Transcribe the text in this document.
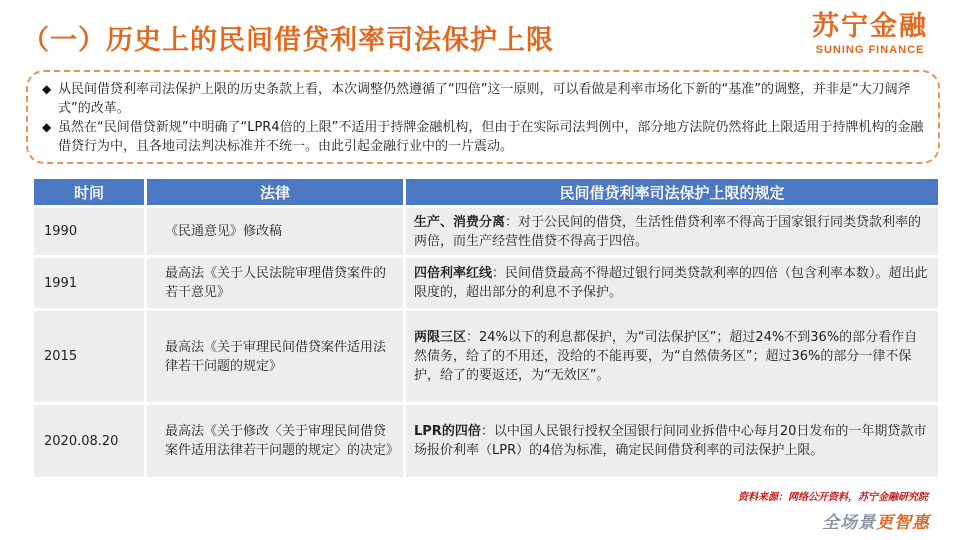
（一）历史上的民间借贷利率司法保护上限	苏宁金融
SUNING FINANCE
◆ 从民间借贷利率司法保护上限的历史条款上看，本次调整仍然遵循了“四倍”这一原则，可以看做是利率市场化下新的“基准”的调整，并非是“大刀阔斧式”的改革。
◆ 虽然在“民间借贷新规”中明确了“LPR4倍的上限”不适用于持牌金融机构，但由于在实际司法判例中，部分地方法院仍然将此上限适用于持牌机构的金融借贷行为中，且各地司法判决标准并不统一。由此引起金融行业中的一片震动。
时间	法律	民间借贷利率司法保护上限的规定
1990	《民通意见》修改稿	生产、消费分离：对于公民间的借贷，生活性借贷利率不得高于国家银行同类贷款利率的两倍，而生产经营性借贷不得高于四倍。
1991	最高法《关于人民法院审理借贷案件的若干意见》	四倍利率红线：民间借贷最高不得超过银行同类贷款利率的四倍（包含利率本数）。超出此限度的，超出部分的利息不予保护。
2015	最高法《关于审理民间借贷案件适用法律若干问题的规定》	两限三区：24%以下的利息都保护，为“司法保护区”；超过24%不到36%的部分看作自然债务，给了的不用还，没给的不能再要，为“自然债务区”；超过36%的部分一律不保护，给了的要返还，为“无效区”。
2020.08.20	最高法《关于修改〈关于审理民间借贷案件适用法律若干问题的规定〉的决定》	LPR的四倍：以中国人民银行授权全国银行间同业拆借中心每月20日发布的一年期贷款市场报价利率（LPR）的4倍为标准，确定民间借贷利率的司法保护上限。
资料来源：网络公开资料，苏宁金融研究院
全场景更智惠
